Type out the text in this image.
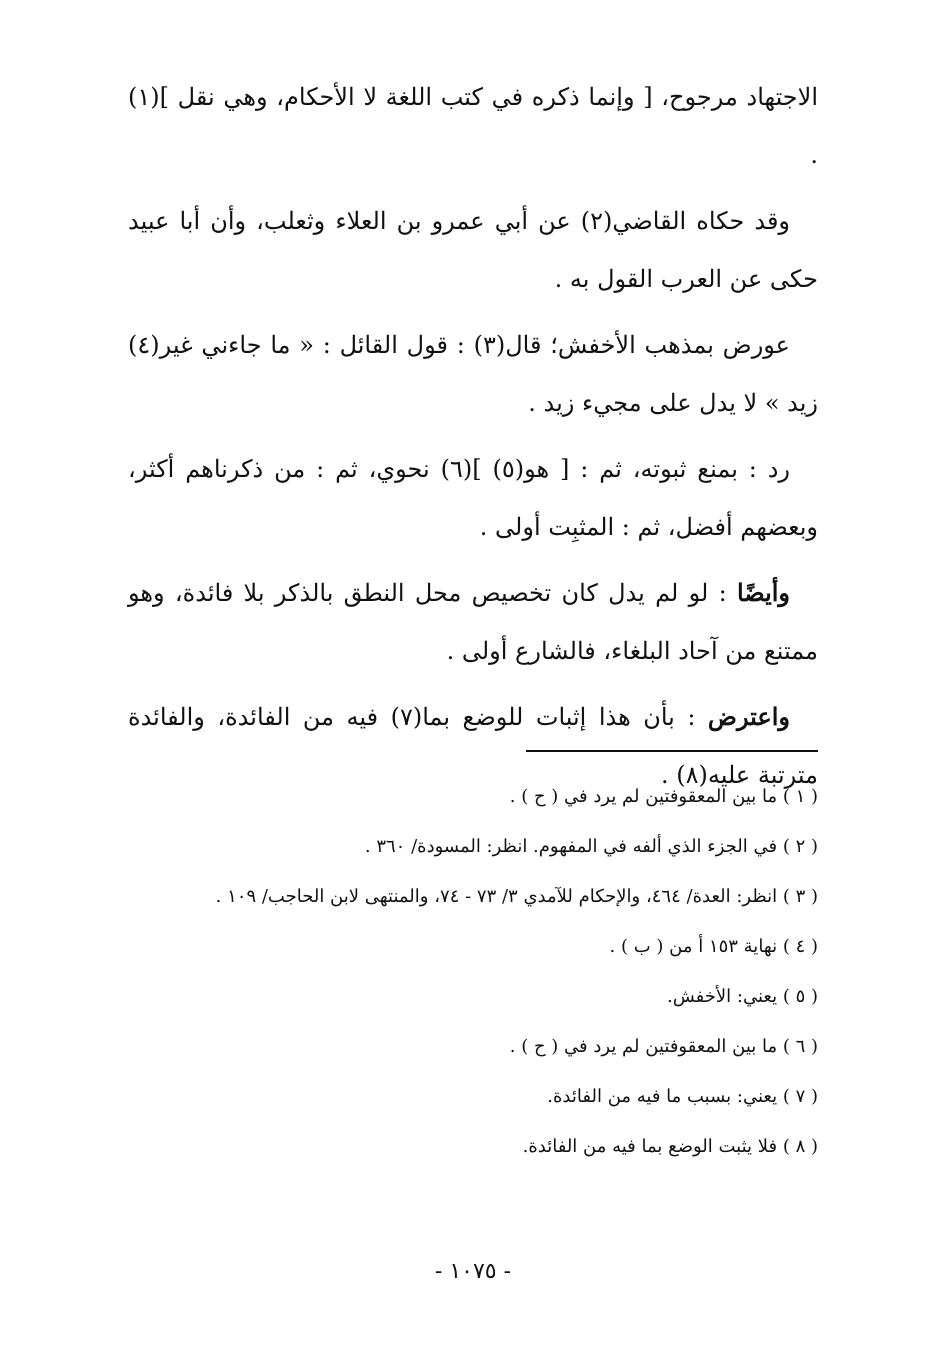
الاجتهاد مرجوح، [ وإنما ذكره في كتب اللغة لا الأحكام، وهي نقل ](١) .

وقد حكاه القاضي(٢) عن أبي عمرو بن العلاء وثعلب، وأن أبا عبيد حكى عن العرب القول به .

عورض بمذهب الأخفش؛ قال(٣) : قول القائل : « ما جاءني غير(٤) زيد » لا يدل على مجيء زيد .

رد : بمنع ثبوته، ثم : [ هو(٥) ](٦) نحوي، ثم : من ذكرناهم أكثر، وبعضهم أفضل، ثم : المثبِت أولى .

وأيضًا : لو لم يدل كان تخصيص محل النطق بالذكر بلا فائدة، وهو ممتنع من آحاد البلغاء، فالشارع أولى .

واعترض : بأن هذا إثبات للوضع بما(٧) فيه من الفائدة، والفائدة مترتبة عليه(٨) .

( ١ ) ما بين المعقوفتين لم يرد في ( ح ) .
( ٢ ) في الجزء الذي ألفه في المفهوم. انظر: المسودة/ ٣٦٠ .
( ٣ ) انظر: العدة/ ٤٦٤، والإحكام للآمدي ٣/ ٧٣ - ٧٤، والمنتهى لابن الحاجب/ ١٠٩ .
( ٤ ) نهاية ١٥٣ أ من ( ب ) .
( ٥ ) يعني: الأخفش.
( ٦ ) ما بين المعقوفتين لم يرد في ( ح ) .
( ٧ ) يعني: بسبب ما فيه من الفائدة.
( ٨ ) فلا يثبت الوضع بما فيه من الفائدة.
- ١٠٧٥ -
